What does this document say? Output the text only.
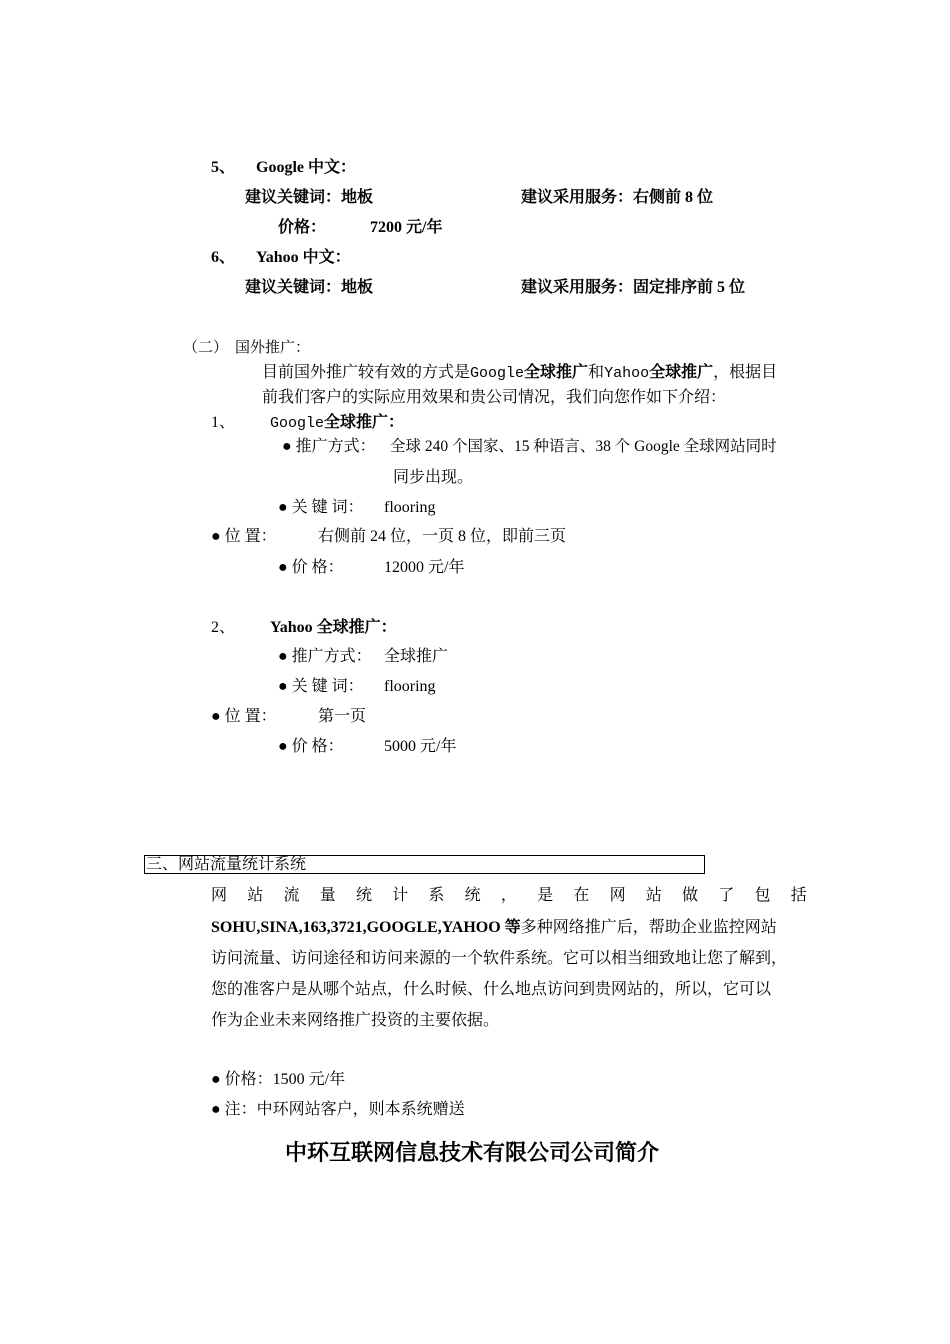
5、 Google 中文：
建议关键词：地板	建议采用服务：右侧前 8 位
价格：	7200 元/年
6、 Yahoo 中文：
建议关键词：地板	建议采用服务：固定排序前 5 位
（二） 国外推广：
目前国外推广较有效的方式是Google全球推广和Yahoo全球推广，根据目
前我们客户的实际应用效果和贵公司情况，我们向您作如下介绍：
1、 Google全球推广：
● 推广方式： 全球 240 个国家、15 种语言、38 个 Google 全球网站同时
同步出现。
● 关 键 词： flooring
● 位 置：	右侧前 24 位，一页 8 位，即前三页
● 价 格：	12000 元/年
2、 Yahoo 全球推广：
● 推广方式： 全球推广
● 关 键 词： flooring
● 位 置：	第一页
● 价 格：	5000 元/年
三、网站流量统计系统
网 站 流 量 统 计 系 统 ， 是 在 网 站 做 了 包 括
SOHU,SINA,163,3721,GOOGLE,YAHOO 等多种网络推广后，帮助企业监控网站
访问流量、访问途径和访问来源的一个软件系统。它可以相当细致地让您了解到，
您的准客户是从哪个站点，什么时候、什么地点访问到贵网站的，所以，它可以
作为企业未来网络推广投资的主要依据。
● 价格：1500 元/年
● 注：中环网站客户，则本系统赠送
中环互联网信息技术有限公司公司简介
